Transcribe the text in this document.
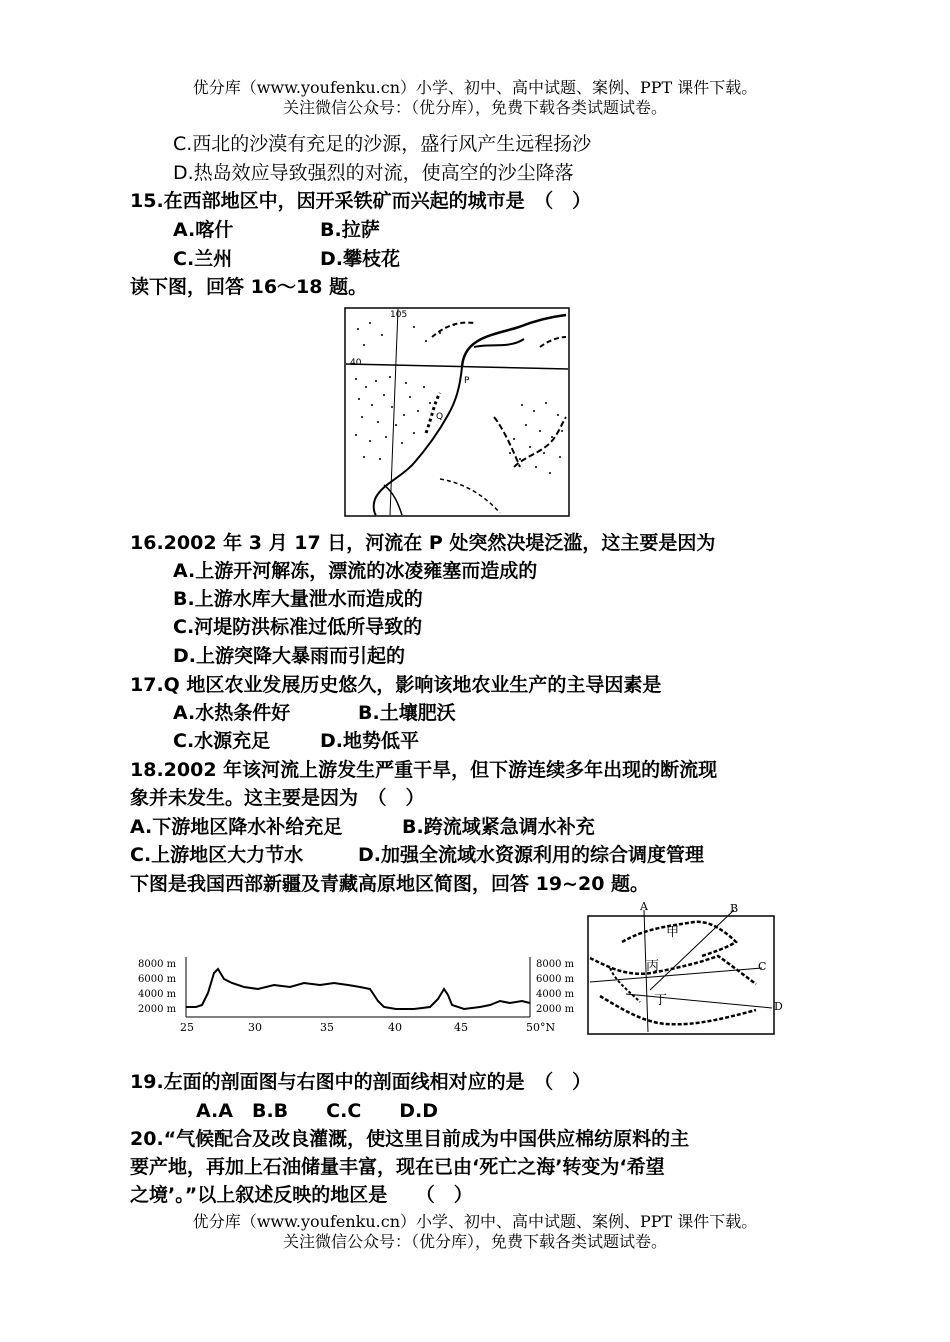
优分库（www.youfenku.cn）小学、初中、高中试题、案例、PPT 课件下载。
关注微信公众号：（优分库），免费下载各类试题试卷。
C.西北的沙漠有充足的沙源，盛行风产生远程扬沙
D.热岛效应导致强烈的对流，使高空的沙尘降落
15.在西部地区中，因开采铁矿而兴起的城市是　（　）
A.喀什	B.拉萨
C.兰州	D.攀枝花
读下图，回答 16～18 题。
105
40
P
Q
16.2002 年 3 月 17 日，河流在 P 处突然决堤泛滥，这主要是因为
A.上游开河解冻，漂流的冰凌雍塞而造成的
B.上游水库大量泄水而造成的
C.河堤防洪标准过低所导致的
D.上游突降大暴雨而引起的
17.Q 地区农业发展历史悠久，影响该地农业生产的主导因素是
A.水热条件好	B.土壤肥沃
C.水源充足	D.地势低平
18.2002 年该河流上游发生严重干旱，但下游连续多年出现的断流现
象并未发生。这主要是因为　（　）
A.下游地区降水补给充足	B.跨流域紧急调水补充
C.上游地区大力节水	D.加强全流域水资源利用的综合调度管理
下图是我国西部新疆及青藏高原地区简图，回答 19~20 题。
8000 m
6000 m
4000 m
2000 m
8000 m
6000 m
4000 m
2000 m
25	30	35	40	45	50°N
A	B
C
D
甲
丙
丁
19.左面的剖面图与右图中的剖面线相对应的是　（　）
A.A　B.B　　C.C　　D.D
20.“气候配合及改良灌溉，使这里目前成为中国供应棉纺原料的主
要产地，再加上石油储量丰富，现在已由‘死亡之海’转变为‘希望
之境’。”以上叙述反映的地区是　　（　）
优分库（www.youfenku.cn）小学、初中、高中试题、案例、PPT 课件下载。
关注微信公众号：（优分库），免费下载各类试题试卷。
